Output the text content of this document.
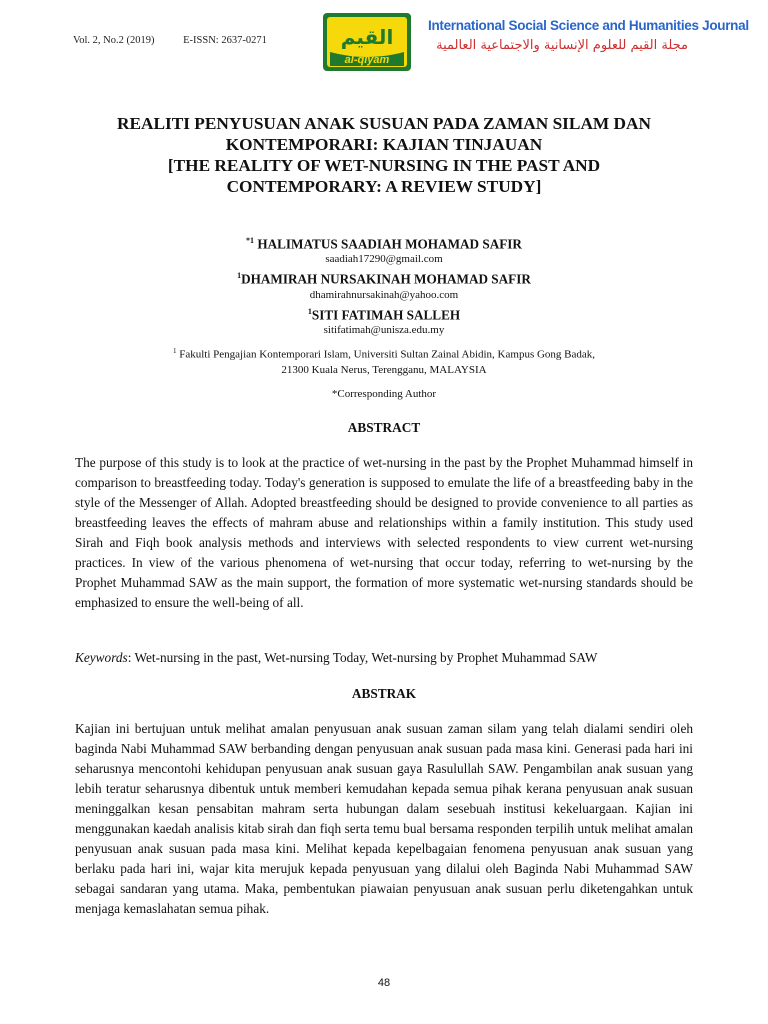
Vol. 2, No.2 (2019)	E-ISSN: 2637-0271	القيم
al-qiyam
International Social Science and Humanities Journal
مجلة القيم للعلوم الإنسانية والاجتماعية العالمية
REALITI PENYUSUAN ANAK SUSUAN PADA ZAMAN SILAM DAN
KONTEMPORARI: KAJIAN TINJAUAN
[THE REALITY OF WET-NURSING IN THE PAST AND
CONTEMPORARY: A REVIEW STUDY]
$^{*1}$ HALIMATUS SAADIAH MOHAMAD SAFIR
saadiah17290@gmail.com
$^1$DHAMIRAH NURSAKINAH MOHAMAD SAFIR
dhamirahnursakinah@yahoo.com
$^1$SITI FATIMAH SALLEH
sitifatimah@unisza.edu.my
$^1$ Fakulti Pengajian Kontemporari Islam, Universiti Sultan Zainal Abidin, Kampus Gong Badak,
21300 Kuala Nerus, Terengganu, MALAYSIA
*Corresponding Author
ABSTRACT

The purpose of this study is to look at the practice of wet-nursing in the past by the Prophet Muhammad himself in comparison to breastfeeding today. Today's generation is supposed to emulate the life of a breastfeeding baby in the style of the Messenger of Allah. Adopted breastfeeding should be designed to provide convenience to all parties as breastfeeding leaves the effects of mahram abuse and relationships within a family institution. This study used Sirah and Fiqh book analysis methods and interviews with selected respondents to view current wet-nursing practices. In view of the various phenomena of wet-nursing that occur today, referring to wet-nursing by the Prophet Muhammad SAW as the main support, the formation of more systematic wet-nursing standards should be emphasized to ensure the well-being of all.

Keywords: Wet-nursing in the past, Wet-nursing Today, Wet-nursing by Prophet Muhammad SAW
ABSTRAK

Kajian ini bertujuan untuk melihat amalan penyusuan anak susuan zaman silam yang telah dialami sendiri oleh baginda Nabi Muhammad SAW berbanding dengan penyusuan anak susuan pada masa kini. Generasi pada hari ini seharusnya mencontohi kehidupan penyusuan anak susuan gaya Rasulullah SAW. Pengambilan anak susuan yang lebih teratur seharusnya dibentuk untuk memberi kemudahan kepada semua pihak kerana penyusuan anak susuan meninggalkan kesan pensabitan mahram serta hubungan dalam sesebuah institusi kekeluargaan. Kajian ini menggunakan kaedah analisis kitab sirah dan fiqh serta temu bual bersama responden terpilih untuk melihat amalan penyusuan anak susuan pada masa kini. Melihat kepada kepelbagaian fenomena penyusuan anak susuan yang berlaku pada hari ini, wajar kita merujuk kepada penyusuan yang dilalui oleh Baginda Nabi Muhammad SAW sebagai sandaran yang utama. Maka, pembentukan piawaian penyusuan anak susuan perlu diketengahkan untuk menjaga kemaslahatan semua pihak.

48
